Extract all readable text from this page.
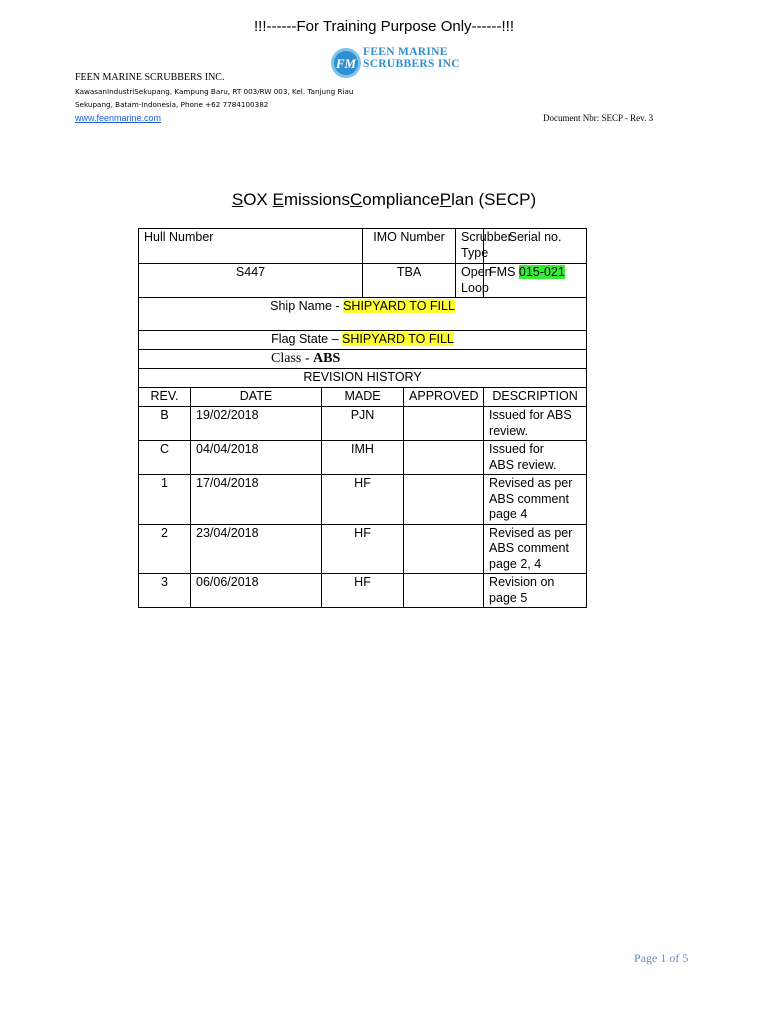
!!!------For Training Purpose Only------!!!
FM
FEEN MARINE
SCRUBBERS INC
FEEN MARINE SCRUBBERS INC.
KawasanIndustriSekupang, Kampung Baru, RT 003/RW 003, Kel. Tanjung Riau
Sekupang, Batam-Indonesia, Phone +62 7784100382
www.feenmarine.com	Document Nbr: SECP - Rev. 3
SOX EmissionsCompliancePlan (SECP)
Hull Number			IMO Number		Scrubber Type	Serial no.
S447			TBA		Open Loop	FMS 015-021
Ship Name - SHIPYARD TO FILL						
Flag State – SHIPYARD TO FILL						
Class - ABS						
REVISION HISTORY						
REV.	DATE	MADE		APPROVED		DESCRIPTION
B	19/02/2018	PJN				Issued for ABS
review.

C	04/04/2018	IMH				Issued for
ABS review.

1	17/04/2018	HF				Revised as per
ABS comment
page 4

2	23/04/2018	HF				Revised as per
ABS comment
page 2, 4

3	06/06/2018	HF				Revision on
page 5
Page 1 of 5
